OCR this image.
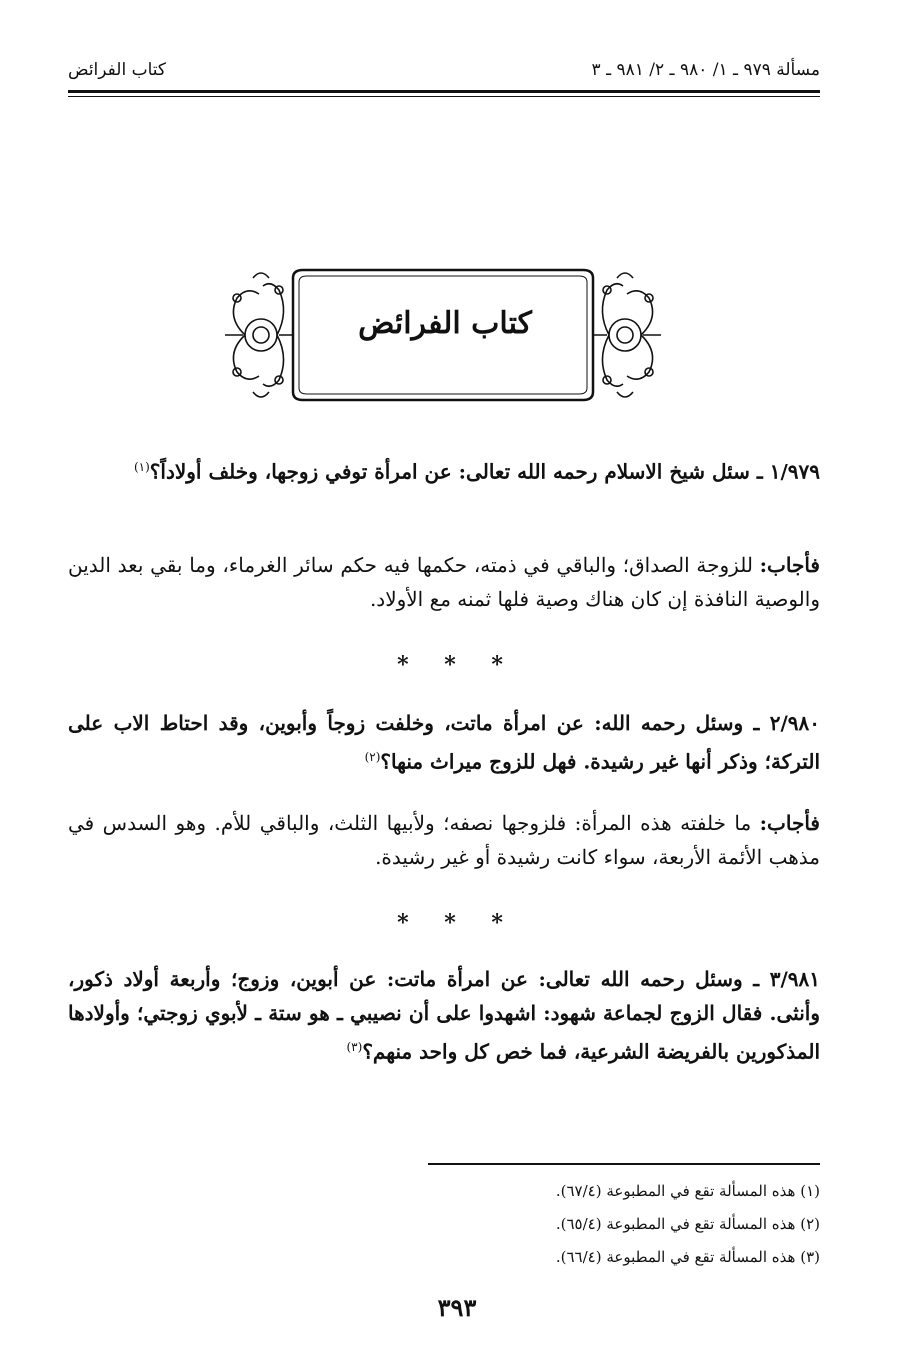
مسألة ٩٧٩ ـ ١/ ٩٨٠ ـ ٢/ ٩٨١ ـ ٣
كتاب الفرائض
كتاب الفرائض
١/٩٧٩ ـ سئل شيخ الاسلام رحمه الله تعالى: عن امرأة توفي زوجها، وخلف أولاداً؟$^{(١)}$
فأجاب: للزوجة الصداق؛ والباقي في ذمته، حكمها فيه حكم سائر الغرماء، وما بقي بعد الدين والوصية النافذة إن كان هناك وصية فلها ثمنه مع الأولاد.
* * *
٢/٩٨٠ ـ وسئل رحمه الله: عن امرأة ماتت، وخلفت زوجاً وأبوين، وقد احتاط الاب على التركة؛ وذكر أنها غير رشيدة. فهل للزوج ميراث منها؟$^{(٢)}$
فأجاب: ما خلفته هذه المرأة: فلزوجها نصفه؛ ولأبيها الثلث، والباقي للأم. وهو السدس في مذهب الأئمة الأربعة، سواء كانت رشيدة أو غير رشيدة.
* * *
٣/٩٨١ ـ وسئل رحمه الله تعالى: عن امرأة ماتت: عن أبوين، وزوج؛ وأربعة أولاد ذكور، وأنثى. فقال الزوج لجماعة شهود: اشهدوا على أن نصيبي ـ هو ستة ـ لأبوي زوجتي؛ وأولادها المذكورين بالفريضة الشرعية، فما خص كل واحد منهم؟$^{(٣)}$
(١) هذه المسألة تقع في المطبوعة (٦٧/٤).
(٢) هذه المسألة تقع في المطبوعة (٦٥/٤).
(٣) هذه المسألة تقع في المطبوعة (٦٦/٤).
٣٩٣
